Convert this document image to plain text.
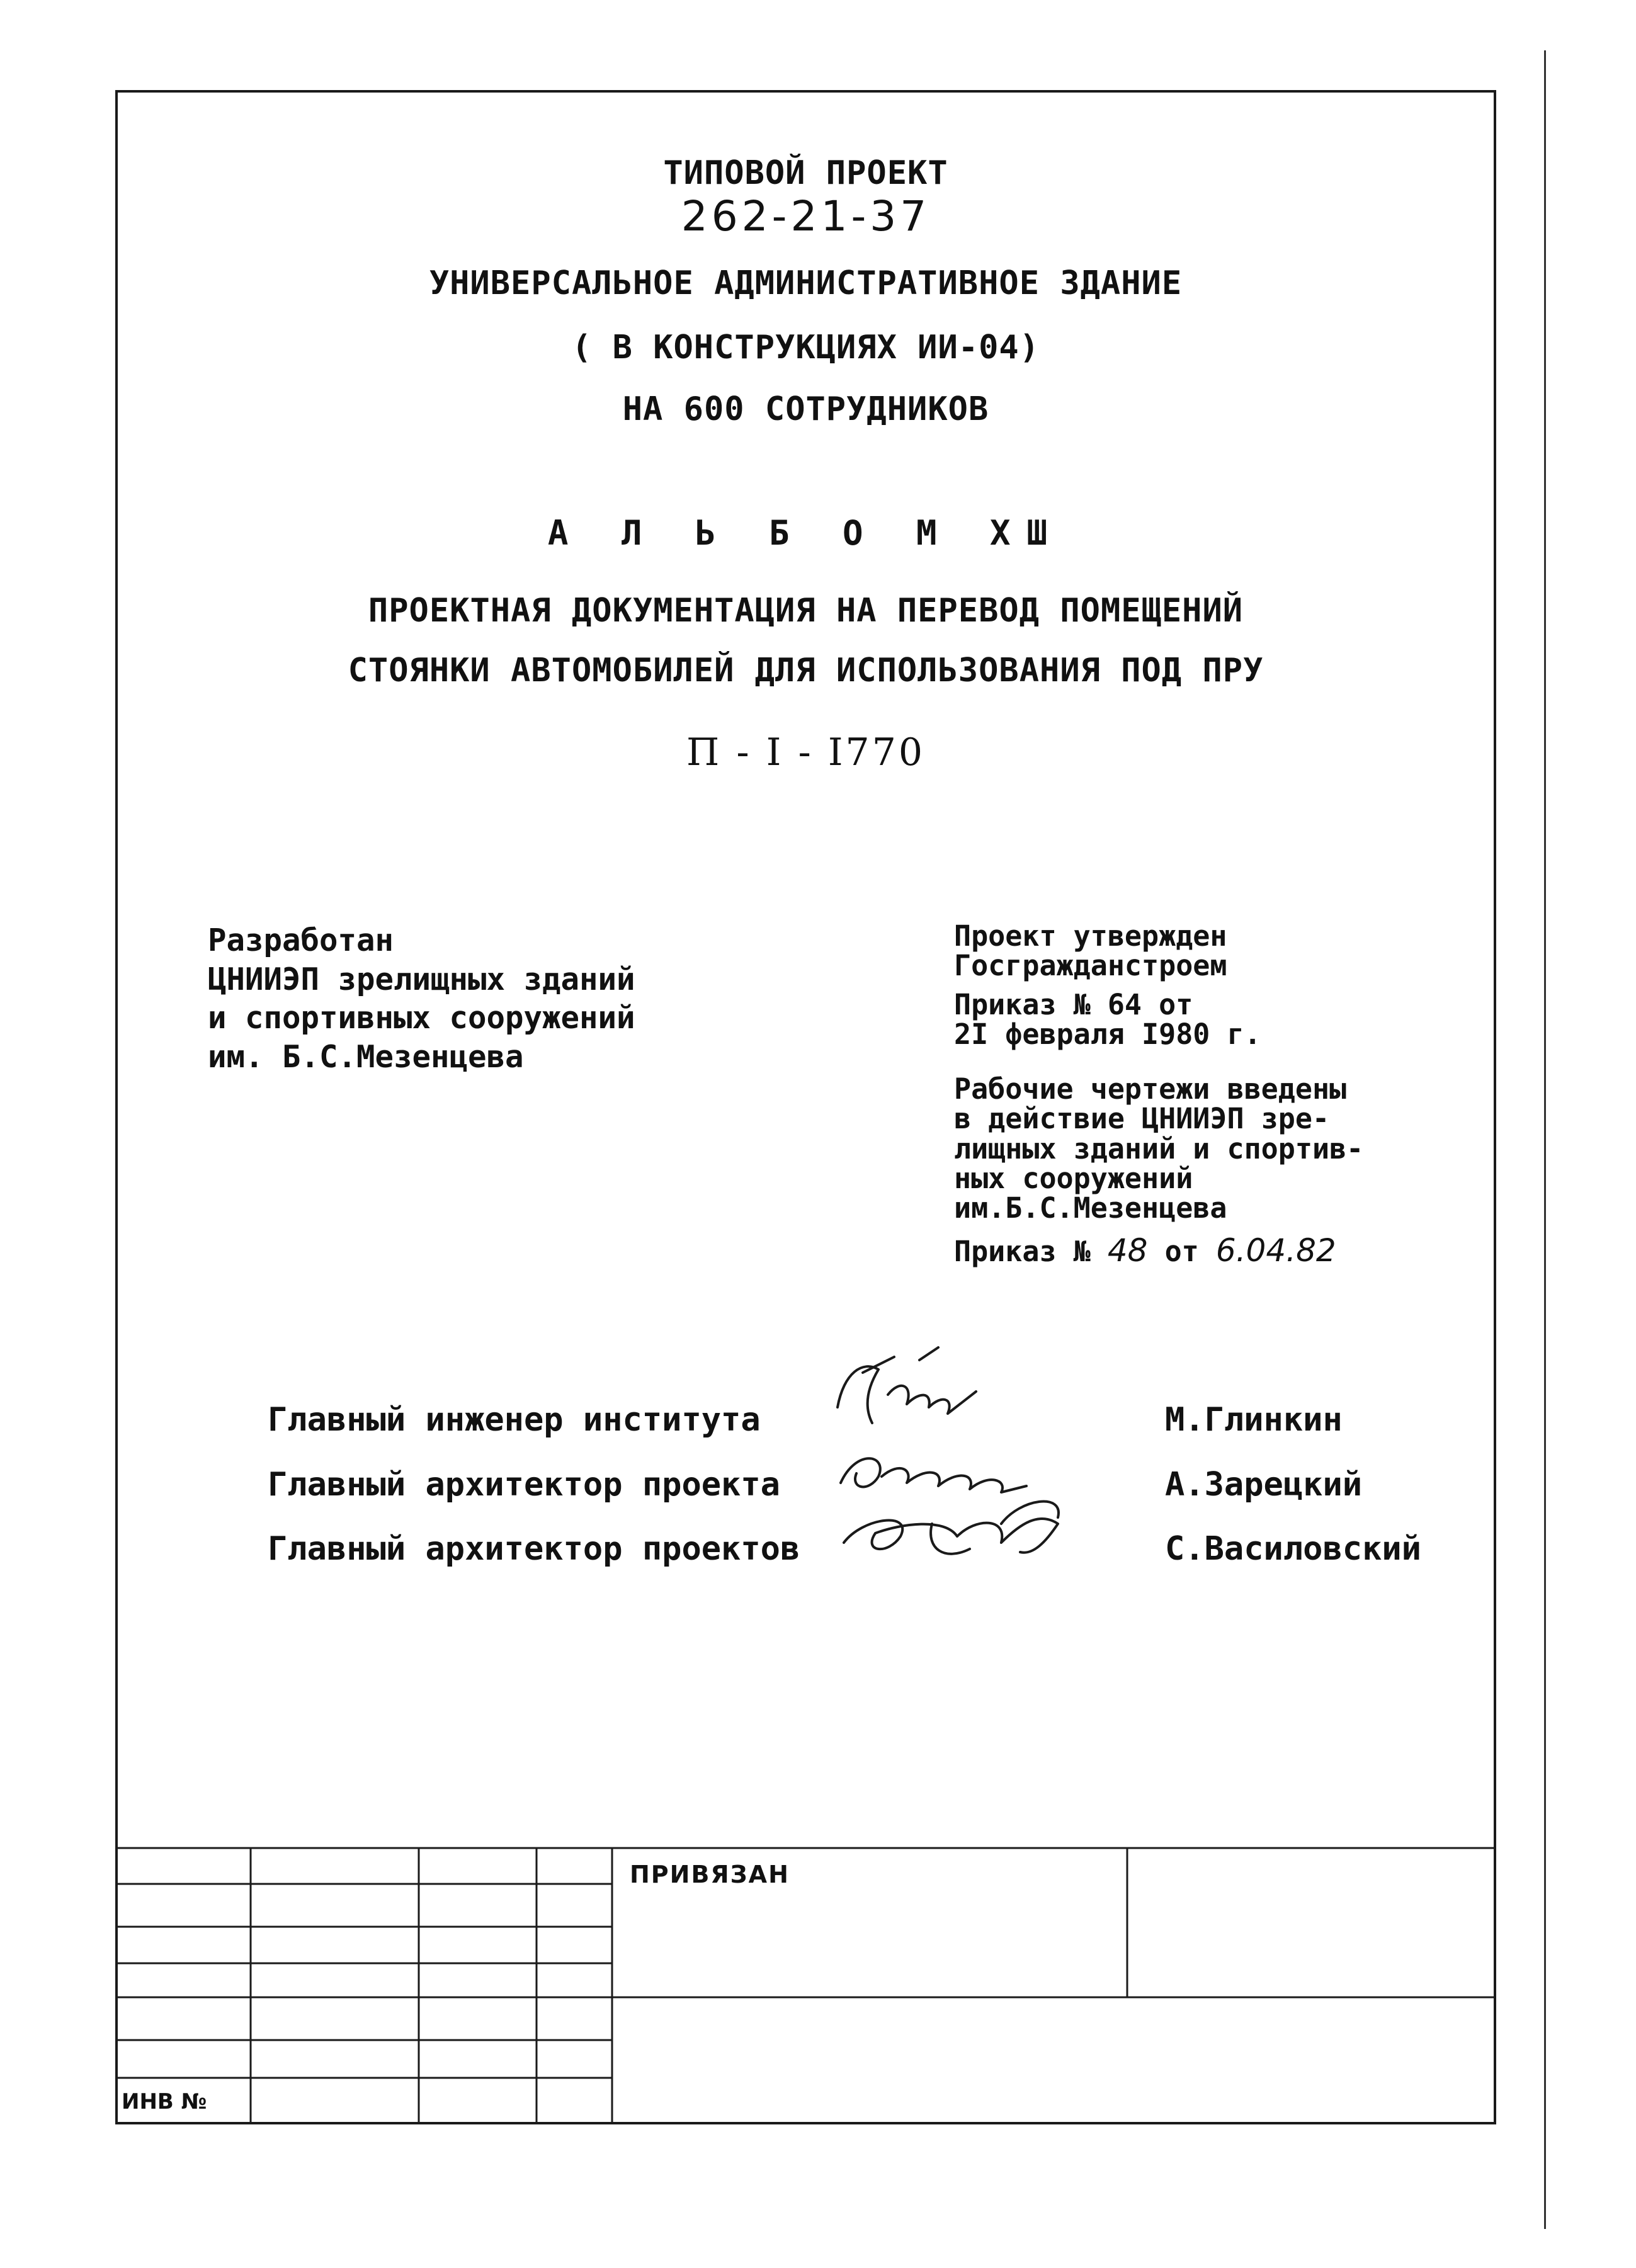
ТИПОВОЙ ПРОЕКТ
262-21-37
УНИВЕРСАЛЬНОЕ АДМИНИСТРАТИВНОЕ ЗДАНИЕ
( В КОНСТРУКЦИЯХ ИИ-04)
НА 600 СОТРУДНИКОВ
А Л Ь Б О М ХШ
ПРОЕКТНАЯ ДОКУМЕНТАЦИЯ НА ПЕРЕВОД ПОМЕЩЕНИЙ
СТОЯНКИ АВТОМОБИЛЕЙ ДЛЯ ИСПОЛЬЗОВАНИЯ ПОД ПРУ
П - I - I770
Разработан
ЦНИИЭП зрелищных зданий
и спортивных сооружений
им. Б.С.Мезенцева
Проект утвержден
Госгражданстроем
Приказ № 64 от
2I февраля I980 г.
Рабочие чертежи введены
в действие ЦНИИЭП зре-
лищных зданий и спортив-
ных сооружений
им.Б.С.Мезенцева
Приказ № 48 от 6.04.82
Главный инженер института	М.Глинкин
Главный архитектор проекта	А.Зарецкий
Главный архитектор проектов	С.Василовский
ПРИВЯЗАН
ИНВ №
